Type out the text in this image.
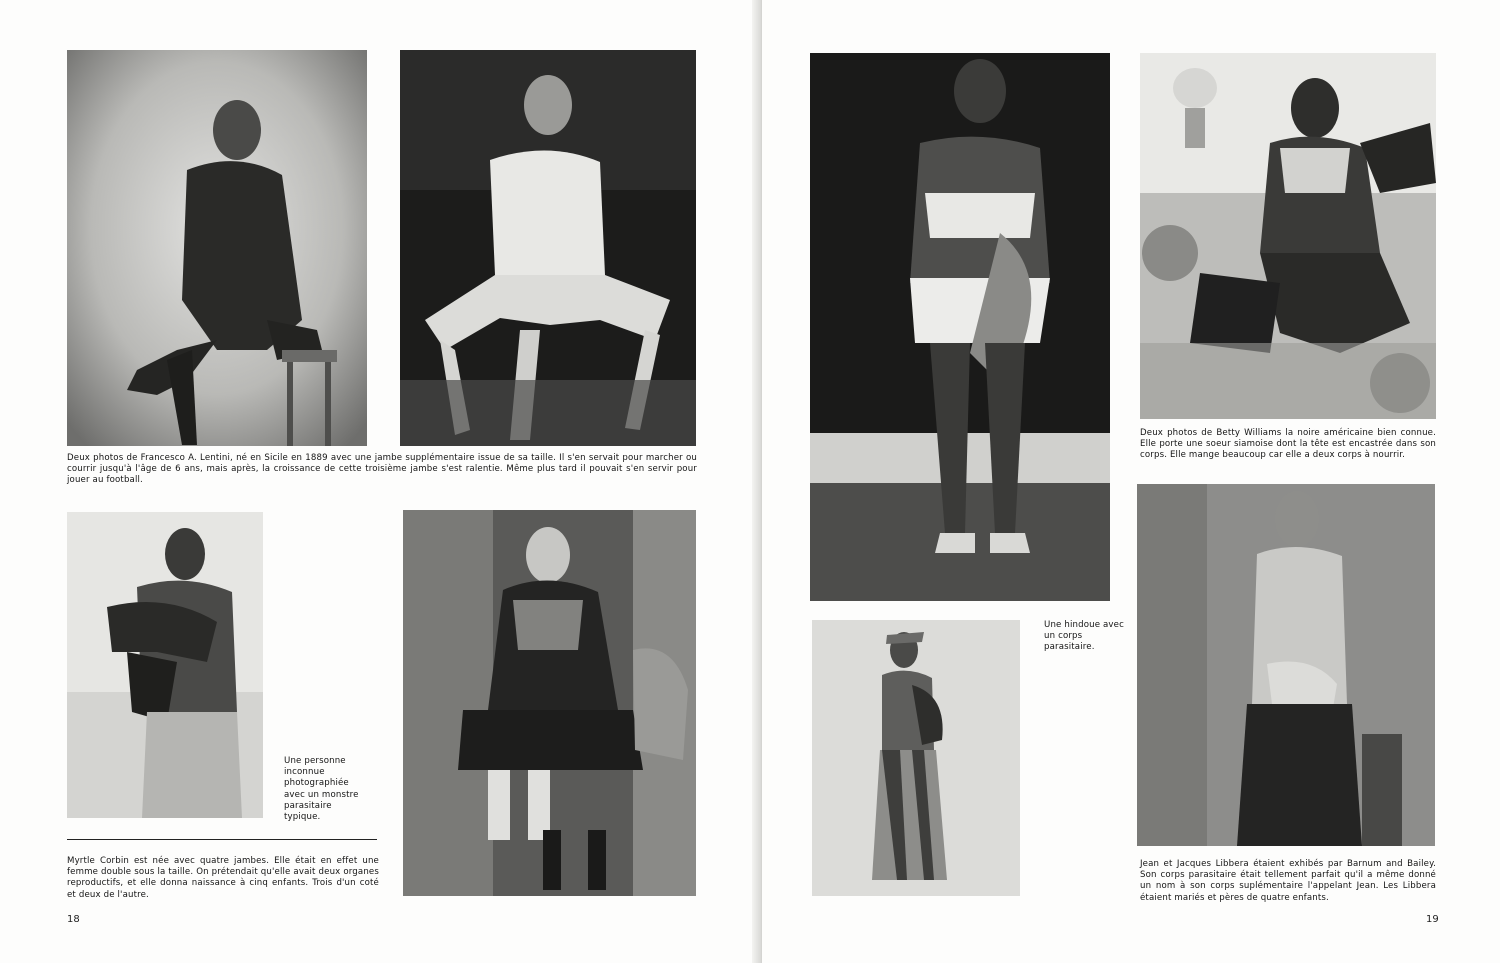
Deux photos de Francesco A. Lentini, né en Sicile en 1889 avec une jambe supplémentaire issue de sa taille. Il s'en servait pour marcher ou courrir jusqu'à l'âge de 6 ans, mais après, la croissance de cette troisième jambe s'est ralentie. Même plus tard il pouvait s'en servir pour jouer au football.
Une personne inconnue photographiée avec un monstre parasitaire typique.
Myrtle Corbin est née avec quatre jambes. Elle était en effet une femme double sous la taille. On prétendait qu'elle avait deux organes reproductifs, et elle donna naissance à cinq enfants. Trois d'un coté et deux de l'autre.
18
Deux photos de Betty Williams la noire américaine bien connue. Elle porte une soeur siamoise dont la tête est encastrée dans son corps. Elle mange beaucoup car elle a deux corps à nourrir.
Une hindoue avec un corps parasitaire.
Jean et Jacques Libbera étaient exhibés par Barnum and Bailey. Son corps parasitaire était tellement parfait qu'il a même donné un nom à son corps suplémentaire l'appelant Jean. Les Libbera étaient mariés et pères de quatre enfants.
19
